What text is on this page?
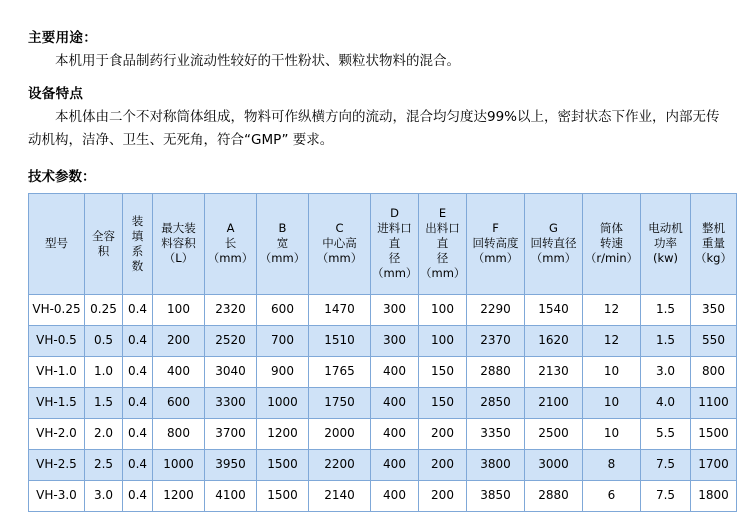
主要用途：

本机用于食品制药行业流动性较好的干性粉状、颗粒状物料的混合。

设备特点

本机体由二个不对称筒体组成，物料可作纵横方向的流动，混合均匀度达99%以上，密封状态下作业，内部无传动机构，洁净、卫生、无死角，符合“GMP” 要求。

技术参数：
型号	全容
积	装
填
系
数	最大装
料容积
（L）	A
长
（mm）	B
宽
（mm）	C
中心高
（mm）	D
进料口直
径
（mm）	E
出料口直
径
（mm）	F
回转高度
（mm）	G
回转直径
（mm）	筒体
转速
（r/min）	电动机
功率
(kw)	整机
重量
（kg）

VH-0.25	0.25	0.4	100	2320	600	1470	300	100	2290	1540	12	1.5	350
VH-0.5	0.5	0.4	200	2520	700	1510	300	100	2370	1620	12	1.5	550
VH-1.0	1.0	0.4	400	3040	900	1765	400	150	2880	2130	10	3.0	800
VH-1.5	1.5	0.4	600	3300	1000	1750	400	150	2850	2100	10	4.0	1100
VH-2.0	2.0	0.4	800	3700	1200	2000	400	200	3350	2500	10	5.5	1500
VH-2.5	2.5	0.4	1000	3950	1500	2200	400	200	3800	3000	8	7.5	1700
VH-3.0	3.0	0.4	1200	4100	1500	2140	400	200	3850	2880	6	7.5	1800
